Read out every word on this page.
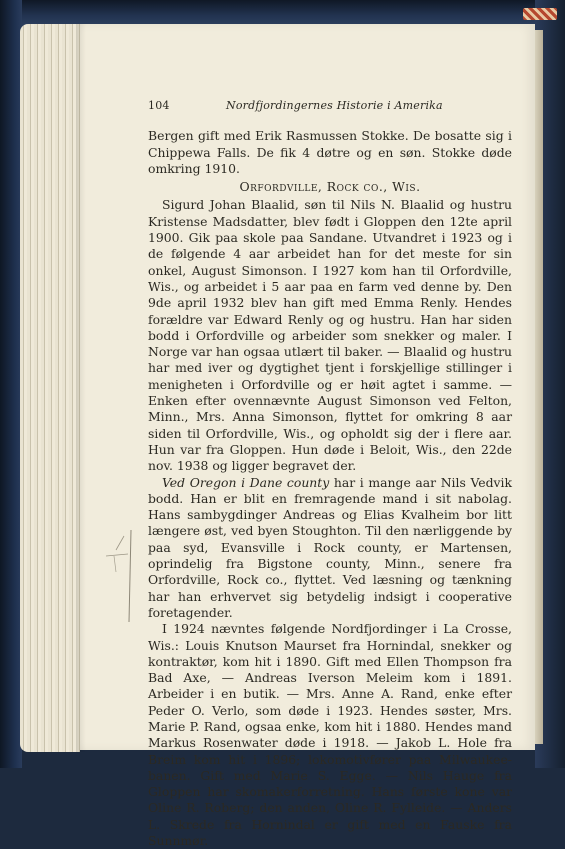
104	Nordfjordingernes Historie i Amerika

Bergen gift med Erik Rasmussen Stokke. De bosatte sig i Chippewa Falls. De fik 4 døtre og en søn. Stokke døde omkring 1910.

Orfordville, Rock co., Wis.

Sigurd Johan Blaalid, søn til Nils N. Blaalid og hustru Kristense Madsdatter, blev født i Gloppen den 12te april 1900. Gik paa skole paa Sandane. Utvandret i 1923 og i de følgende 4 aar arbeidet han for det meste for sin onkel, August Simonson. I 1927 kom han til Orfordville, Wis., og arbeidet i 5 aar paa en farm ved denne by. Den 9de april 1932 blev han gift med Emma Renly. Hendes forældre var Edward Renly og og hustru. Han har siden bodd i Orfordville og arbeider som snekker og maler. I Norge var han ogsaa utlært til baker. — Blaalid og hustru har med iver og dygtighet tjent i forskjellige stillinger i menigheten i Orfordville og er høit agtet i samme. — Enken efter ovennævnte August Simonson ved Felton, Minn., Mrs. Anna Simonson, flyttet for omkring 8 aar siden til Orfordville, Wis., og opholdt sig der i flere aar. Hun var fra Gloppen. Hun døde i Beloit, Wis., den 22de nov. 1938 og ligger begravet der.

Ved Oregon i Dane county har i mange aar Nils Vedvik bodd. Han er blit en fremragende mand i sit nabolag. Hans sambygdinger Andreas og Elias Kvalheim bor litt længere øst, ved byen Stoughton. Til den nærliggende by paa syd, Evansville i Rock county, er Martensen, oprindelig fra Bigstone county, Minn., senere fra Orfordville, Rock co., flyttet. Ved læsning og tænkning har han erhvervet sig betydelig indsigt i cooperative foretagender.

I 1924 nævntes følgende Nordfjordinger i La Crosse, Wis.: Louis Knutson Maurset fra Hornindal, snekker og kontraktør, kom hit i 1890. Gift med Ellen Thompson fra Bad Axe, — Andreas Iverson Meleim kom i 1891. Arbeider i en butik. — Mrs. Anne A. Rand, enke efter Peder O. Verlo, som døde i 1923. Hendes søster, Mrs. Marie P. Rand, ogsaa enke, kom hit i 1880. Hendes mand Markus Rosenwater døde i 1918. — Jakob L. Hole fra Breim kom hit i 1896; lokomotivfører paa Milwaukee-banen. Gift med Marie S. Egge. — Nils Hauge fra Gloppen har skomakerforretning. Hans første kone var Oline R. Roberg; den anden, Oline R. Fylleide. — Anders L. Skrede fra Hornindal er gift med en Fauske fra Sunnmør.
